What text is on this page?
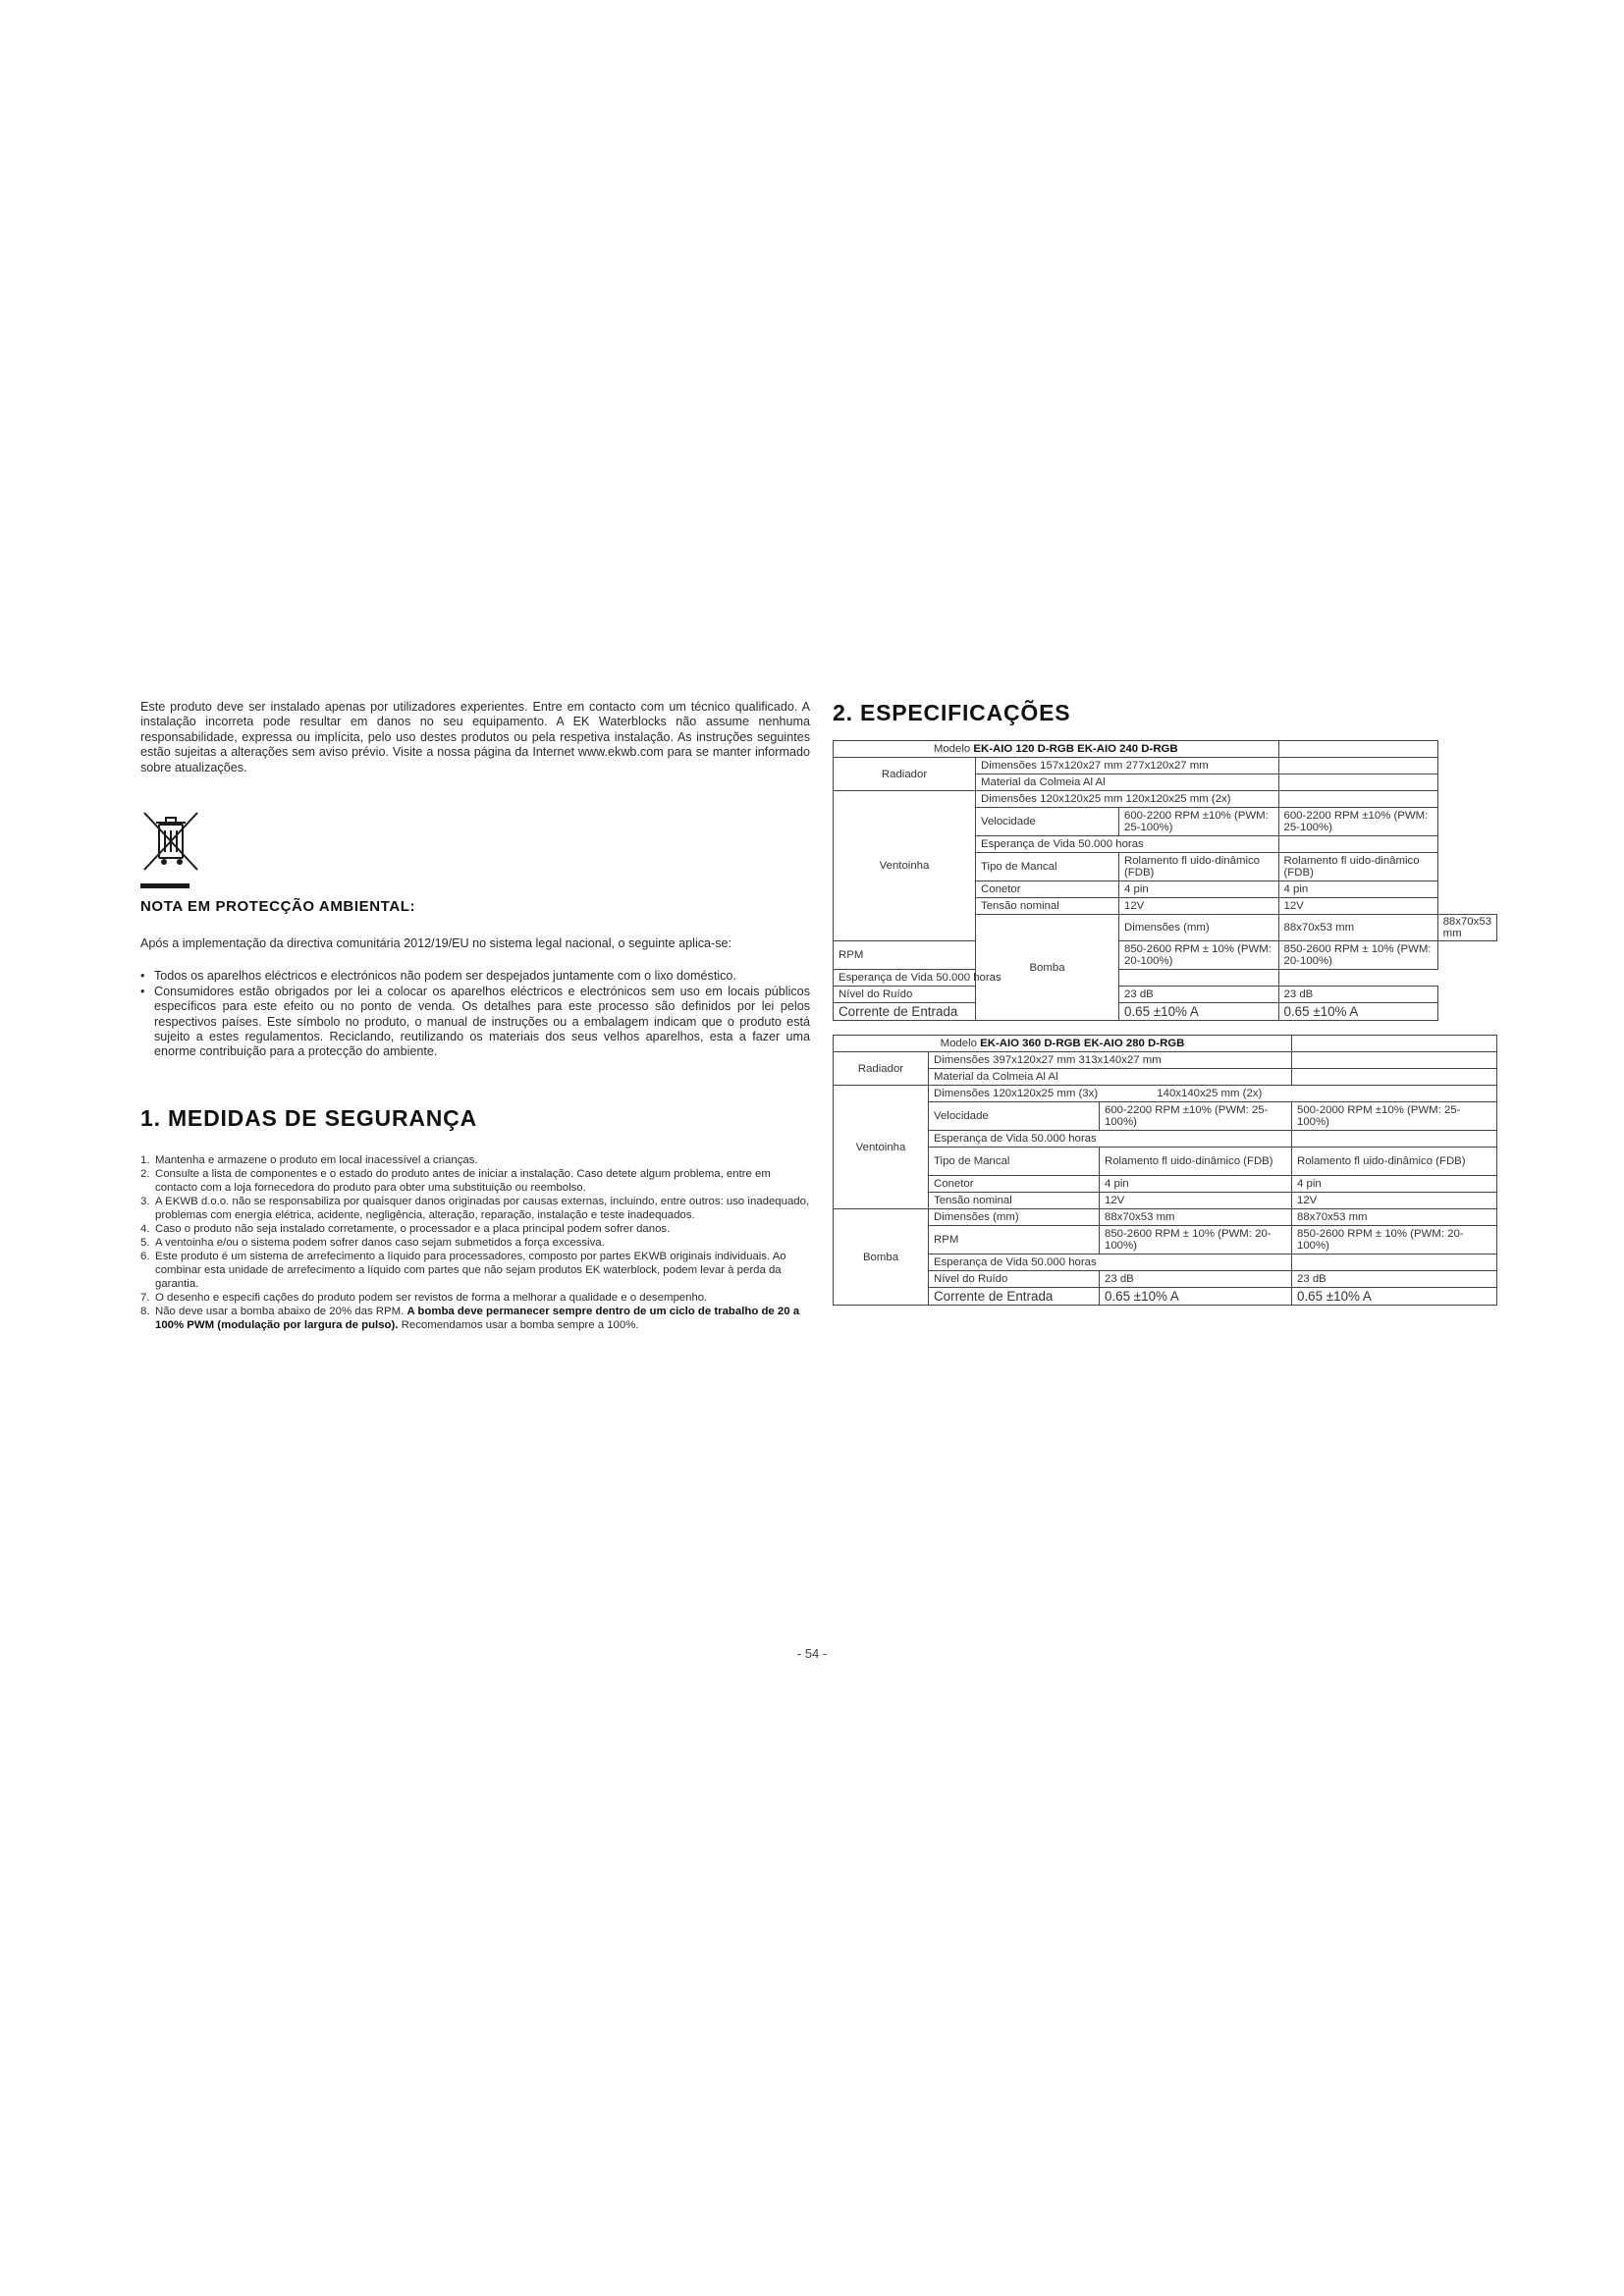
Este produto deve ser instalado apenas por utilizadores experientes. Entre em contacto com um técnico qualificado. A instalação incorreta pode resultar em danos no seu equipamento. A EK Waterblocks não assume nenhuma responsabilidade, expressa ou implícita, pelo uso destes produtos ou pela respetiva instalação. As instruções seguintes estão sujeitas a alterações sem aviso prévio. Visite a nossa página da Internet www.ekwb.com para se manter informado sobre atualizações.

NOTA EM PROTECÇÃO AMBIENTAL:

Após a implementação da directiva comunitária 2012/19/EU no sistema legal nacional, o seguinte aplica-se:

• Todos os aparelhos eléctricos e electrónicos não podem ser despejados juntamente com o lixo doméstico.
• Consumidores estão obrigados por lei a colocar os aparelhos eléctricos e electrónicos sem uso em locais públicos específicos para este efeito ou no ponto de venda. Os detalhes para este processo são definidos por lei pelos respectivos países. Este símbolo no produto, o manual de instruções ou a embalagem indicam que o produto está sujeito a estes regulamentos. Reciclando, reutilizando os materiais dos seus velhos aparelhos, esta a fazer uma enorme contribuição para a protecção do ambiente.
1. MEDIDAS DE SEGURANÇA
1. Mantenha e armazene o produto em local inacessível a crianças.
2. Consulte a lista de componentes e o estado do produto antes de iniciar a instalação. Caso detete algum problema, entre em contacto com a loja fornecedora do produto para obter uma substituição ou reembolso.
3. A EKWB d.o.o. não se responsabiliza por quaisquer danos originadas por causas externas, incluindo, entre outros: uso inadequado, problemas com energia elétrica, acidente, negligência, alteração, reparação, instalação e teste inadequados.
4. Caso o produto não seja instalado corretamente, o processador e a placa principal podem sofrer danos.
5. A ventoinha e/ou o sistema podem sofrer danos caso sejam submetidos a força excessiva.
6. Este produto é um sistema de arrefecimento a líquido para processadores, composto por partes EKWB originais individuais. Ao combinar esta unidade de arrefecimento a líquido com partes que não sejam produtos EK waterblock, podem levar à perda da garantia.
7. O desenho e especifi cações do produto podem ser revistos de forma a melhorar a qualidade e o desempenho.
8. Não deve usar a bomba abaixo de 20% das RPM. A bomba deve permanecer sempre dentro de um ciclo de trabalho de 20 a 100% PWM (modulação por largura de pulso). Recomendamos usar a bomba sempre a 100%.
2. ESPECIFICAÇÕES
Modelo EK-AIO 120 D-RGB EK-AIO 240 D-RGB				
Radiador	Dimensões 157x120x27 mm 277x120x27 mm			
	Material da Colmeia Al Al			
Ventoinha	Dimensões 120x120x25 mm 120x120x25 mm (2x)			
	Velocidade	600-2200 RPM ±10% (PWM: 25-100%)	600-2200 RPM ±10% (PWM: 25-100%)	
	Esperança de Vida 50.000 horas			
	Tipo de Mancal	Rolamento fl uido-dinâmico (FDB)	Rolamento fl uido-dinâmico (FDB)	
	Conetor	4 pin	4 pin	
	Tensão nominal	12V	12V	
	Bomba	Dimensões (mm)	88x70x53 mm	88x70x53 mm
RPM		850-2600 RPM ± 10% (PWM: 20-100%)	850-2600 RPM ± 10% (PWM: 20-100%)	
Esperança de Vida 50.000 horas				
Nível do Ruído		23 dB	23 dB	
Corrente de Entrada		0.65 ±10% A	0.65 ±10% A	
Modelo EK-AIO 360 D-RGB EK-AIO 280 D-RGB			
Radiador	Dimensões 397x120x27 mm 313x140x27 mm		
	Material da Colmeia Al Al		
Ventoinha	Dimensões 120x120x25 mm (3x) 140x140x25 mm (2x)		
	Velocidade	600-2200 RPM ±10% (PWM: 25-100%)	500-2000 RPM ±10% (PWM: 25-100%)
	Esperança de Vida 50.000 horas		
	Tipo de Mancal	Rolamento fl uido-dinâmico (FDB)	Rolamento fl uido-dinâmico (FDB)
	Conetor	4 pin	4 pin
	Tensão nominal	12V	12V
Bomba	Dimensões (mm)	88x70x53 mm	88x70x53 mm
	RPM	850-2600 RPM ± 10% (PWM: 20-100%)	850-2600 RPM ± 10% (PWM: 20-100%)
	Esperança de Vida 50.000 horas		
	Nível do Ruído	23 dB	23 dB
	Corrente de Entrada	0.65 ±10% A	0.65 ±10% A
- 54 -
